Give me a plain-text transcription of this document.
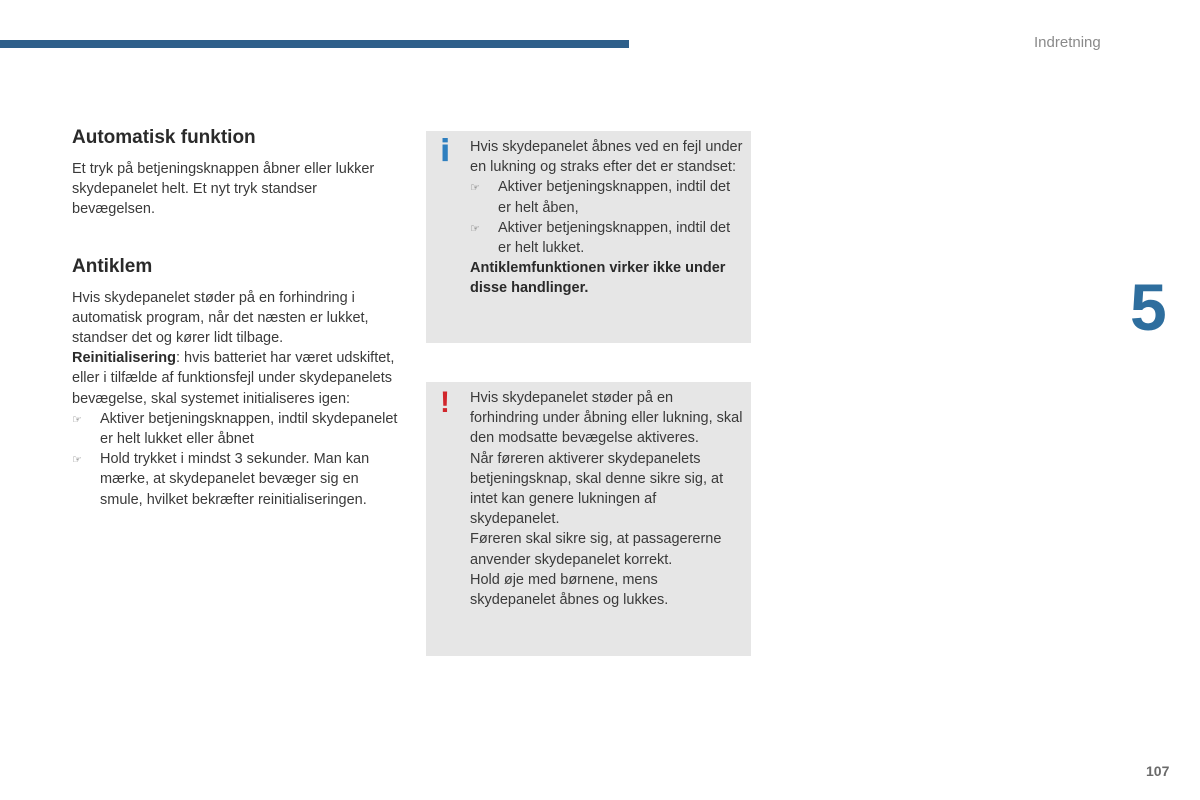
Indretning
5
107
Automatisk funktion

Et tryk på betjeningsknappen åbner eller lukker skydepanelet helt. Et nyt tryk standser bevægelsen.

Antiklem

Hvis skydepanelet støder på en forhindring i automatisk program, når det næsten er lukket, standser det og kører lidt tilbage.

Reinitialisering: hvis batteriet har været udskiftet, eller i tilfælde af funktionsfejl under skydepanelets bevægelse, skal systemet initialiseres igen:

☞	Aktiver betjeningsknappen, indtil skydepanelet er helt lukket eller åbnet
☞	Hold trykket i mindst 3 sekunder. Man kan mærke, at skydepanelet bevæger sig en smule, hvilket bekræfter reinitialiseringen.
i Hvis skydepanelet åbnes ved en fejl under en lukning og straks efter det er standset:
☞	Aktiver betjeningsknappen, indtil det er helt åben,
☞	Aktiver betjeningsknappen, indtil det er helt lukket.
Antiklemfunktionen virker ikke under disse handlinger.
! Hvis skydepanelet støder på en forhindring under åbning eller lukning, skal den modsatte bevægelse aktiveres.
Når føreren aktiverer skydepanelets betjeningsknap, skal denne sikre sig, at intet kan genere lukningen af skydepanelet.
Føreren skal sikre sig, at passagererne anvender skydepanelet korrekt.
Hold øje med børnene, mens skydepanelet åbnes og lukkes.
